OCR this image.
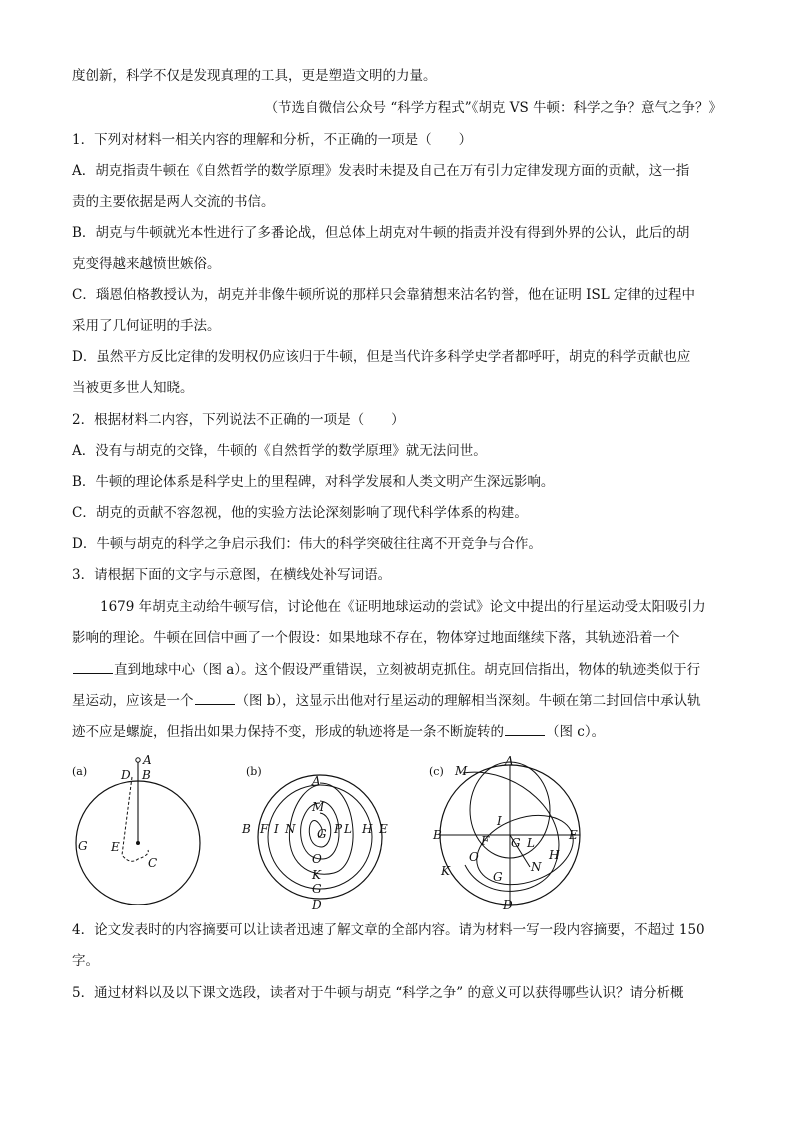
度创新，科学不仅是发现真理的工具，更是塑造文明的力量。
（节选自微信公众号 “科学方程式”《胡克 VS 牛顿：科学之争？意气之争？》
1．下列对材料一相关内容的理解和分析，不正确的一项是（　　）
A．胡克指责牛顿在《自然哲学的数学原理》发表时未提及自己在万有引力定律发现方面的贡献，这一指
责的主要依据是两人交流的书信。
B．胡克与牛顿就光本性进行了多番论战，但总体上胡克对牛顿的指责并没有得到外界的公认，此后的胡
克变得越来越愤世嫉俗。
C．瑙恩伯格教授认为，胡克并非像牛顿所说的那样只会靠猜想来沽名钓誉，他在证明 ISL 定律的过程中
采用了几何证明的手法。
D．虽然平方反比定律的发明权仍应该归于牛顿，但是当代许多科学史学者都呼吁，胡克的科学贡献也应
当被更多世人知晓。
2．根据材料二内容，下列说法不正确的一项是（　　）
A．没有与胡克的交锋，牛顿的《自然哲学的数学原理》就无法问世。
B．牛顿的理论体系是科学史上的里程碑，对科学发展和人类文明产生深远影响。
C．胡克的贡献不容忽视，他的实验方法论深刻影响了现代科学体系的构建。
D．牛顿与胡克的科学之争启示我们：伟大的科学突破往往离不开竞争与合作。
3．请根据下面的文字与示意图，在横线处补写词语。
1679 年胡克主动给牛顿写信，讨论他在《证明地球运动的尝试》论文中提出的行星运动受太阳吸引力
影响的理论。牛顿在回信中画了一个假设：如果地球不存在，物体穿过地面继续下落，其轨迹沿着一个
直到地球中心（图 a）。这个假设严重错误，立刻被胡克抓住。胡克回信指出，物体的轨迹类似于行
星运动，应该是一个	（图 b），这显示出他对行星运动的理解相当深刻。牛顿在第二封回信中承认轨
迹不应是螺旋，但指出如果力保持不变，形成的轨迹将是一条不断旋转的	（图 c）。
(a)
A
D B
G E
C
(b)
A
M
B F I N G P L H E
O
K
G
D
(c) M
A
I
B	F G L
E
O	H
N
K	G
D
4．论文发表时的内容摘要可以让读者迅速了解文章的全部内容。请为材料一写一段内容摘要，不超过 150
字。
5．通过材料以及以下课文选段，读者对于牛顿与胡克 “科学之争” 的意义可以获得哪些认识？请分析概
